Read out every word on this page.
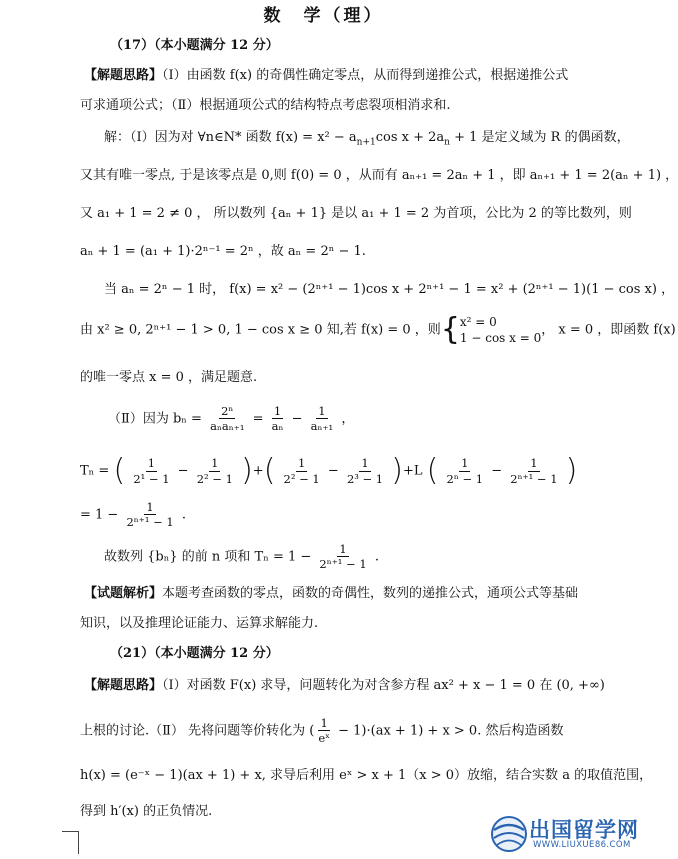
数　学（理）
（17）（本小题满分 12 分）
【解题思路】（Ⅰ）由函数 f(x) 的奇偶性确定零点，从而得到递推公式，根据递推公式
可求通项公式；（Ⅱ）根据通项公式的结构特点考虑裂项相消求和.
解：（Ⅰ）因为对 ∀n∈N* 函数 $f(x) = x^2 - a_{n+1}\cos$ $x + 2a_n + 1$ 是定义域为 R 的偶函数，
又其有唯一零点, 于是该零点是 0,则 f(0) = 0 ，从而有 aₙ₊₁ = 2aₙ + 1 ，即 aₙ₊₁ + 1 = 2(aₙ + 1) ，
又 a₁ + 1 = 2 ≠ 0 ， 所以数列 {aₙ + 1} 是以 a₁ + 1 = 2 为首项，公比为 2 的等比数列，则
aₙ + 1 = (a₁ + 1)·2ⁿ⁻¹ = 2ⁿ ，故 aₙ = 2ⁿ − 1.
当 aₙ = 2ⁿ − 1 时， f(x) = x² − (2ⁿ⁺¹ − 1)cos x + 2ⁿ⁺¹ − 1 = x² + (2ⁿ⁺¹ − 1)(1 − cos x) ，
由 x² ≥ 0, 2ⁿ⁺¹ − 1 > 0, 1 − cos x ≥ 0 知,若 f(x) = 0 ，则{ x² = 0
1 − cos x = 0
， x = 0 ，即函数 f(x)
的唯一零点 x = 0 ，满足题意.
（Ⅱ）因为 $b_n = \frac{\text{2ⁿ}}{\text{aₙaₙ₊₁}} = \frac{1}{\text{aₙ}} - \frac{1}{\text{aₙ₊₁}}$ ，
Tₙ = ( $\frac{1}{\text{2¹ − 1}} - \frac{1}{\text{2² − 1}}$ )+( $\frac{1}{\text{2² − 1}} - \frac{1}{\text{2³ − 1}} )+L$ ( $\frac{1}{\text{2ⁿ − 1}} - \frac{1}{\text{2ⁿ⁺¹ − 1}}$ )
= $1 - \frac{1}{\text{2ⁿ⁺¹ − 1}}$ .
故数列 {bₙ} 的前 n 项和 $T_n = 1 - \frac{1}{\text{2ⁿ⁺¹ − 1}}$ .
【试题解析】本题考查函数的零点，函数的奇偶性，数列的递推公式，通项公式等基础
知识，以及推理论证能力、运算求解能力.
（21）（本小题满分 12 分）
【解题思路】（Ⅰ）对函数 F(x) 求导，问题转化为对含参方程 ax² + x − 1 = 0 在 (0, +∞)
上根的讨论.（Ⅱ） 先将问题等价转化为 ( $\frac{1}{\text{eˣ}} - 1)\cdot(ax + 1) + x > 0$. 然后构造函数
h(x) = (e⁻ˣ − 1)(ax + 1) + x, 求导后利用 eˣ > x + 1（x > 0）放缩，结合实数 a 的取值范围，
得到 h′(x) 的正负情况.
出国留学网
WWW.LIUXUE86.COM
